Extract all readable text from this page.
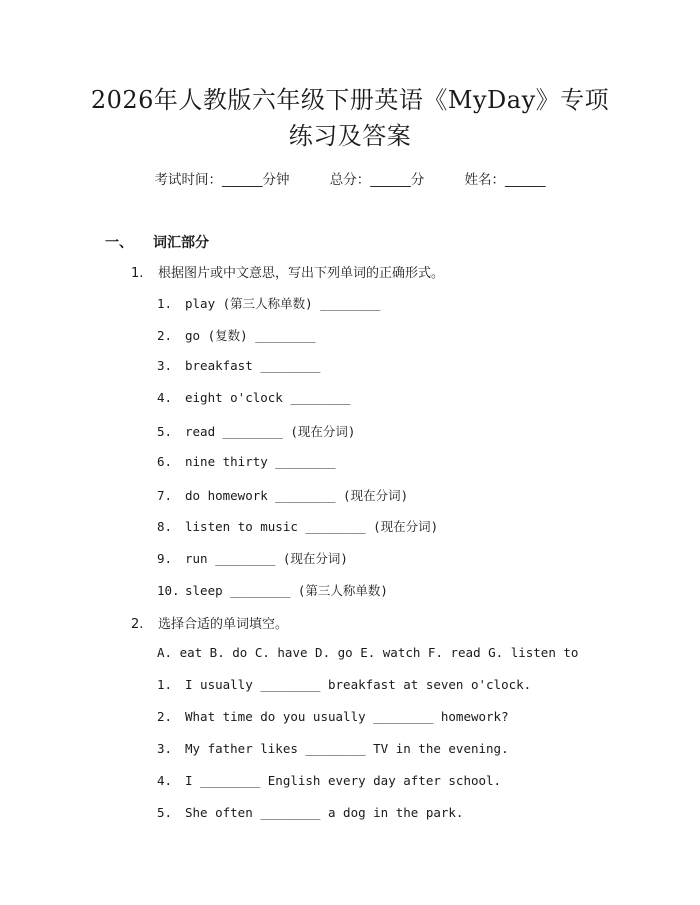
2026年人教版六年级下册英语《MyDay》专项练习及答案
考试时间：______分钟	总分：______分	姓名：______
一、 词汇部分
1. 根据图片或中文意思，写出下列单词的正确形式。
1. play (第三人称单数) ________
2. go (复数) ________
3. breakfast ________
4. eight o'clock ________
5. read ________ (现在分词)
6. nine thirty ________
7. do homework ________ (现在分词)
8. listen to music ________ (现在分词)
9. run ________ (现在分词)
10. sleep ________ (第三人称单数)
2. 选择合适的单词填空。
A. eat B. do C. have D. go E. watch F. read G. listen to
1. I usually ________ breakfast at seven o'clock.
2. What time do you usually ________ homework?
3. My father likes ________ TV in the evening.
4. I ________ English every day after school.
5. She often ________ a dog in the park.
